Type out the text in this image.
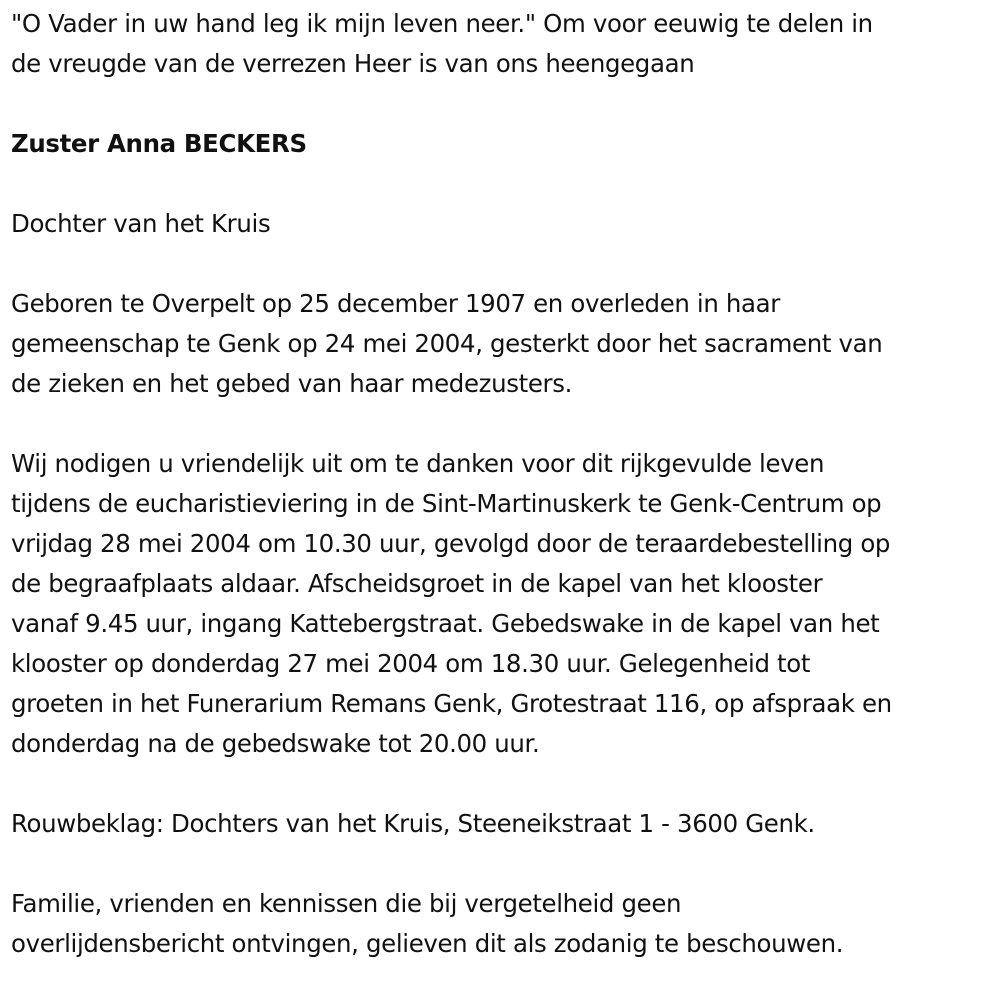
"O Vader in uw hand leg ik mijn leven neer." Om voor eeuwig te delen in
de vreugde van de verrezen Heer is van ons heengegaan
Zuster Anna BECKERS
Dochter van het Kruis
Geboren te Overpelt op 25 december 1907 en overleden in haar
gemeenschap te Genk op 24 mei 2004, gesterkt door het sacrament van
de zieken en het gebed van haar medezusters.
Wij nodigen u vriendelijk uit om te danken voor dit rijkgevulde leven
tijdens de eucharistieviering in de Sint-Martinuskerk te Genk-Centrum op
vrijdag 28 mei 2004 om 10.30 uur, gevolgd door de teraardebestelling op
de begraafplaats aldaar. Afscheidsgroet in de kapel van het klooster
vanaf 9.45 uur, ingang Kattebergstraat. Gebedswake in de kapel van het
klooster op donderdag 27 mei 2004 om 18.30 uur. Gelegenheid tot
groeten in het Funerarium Remans Genk, Grotestraat 116, op afspraak en
donderdag na de gebedswake tot 20.00 uur.
Rouwbeklag: Dochters van het Kruis, Steeneikstraat 1 - 3600 Genk.
Familie, vrienden en kennissen die bij vergetelheid geen
overlijdensbericht ontvingen, gelieven dit als zodanig te beschouwen.
